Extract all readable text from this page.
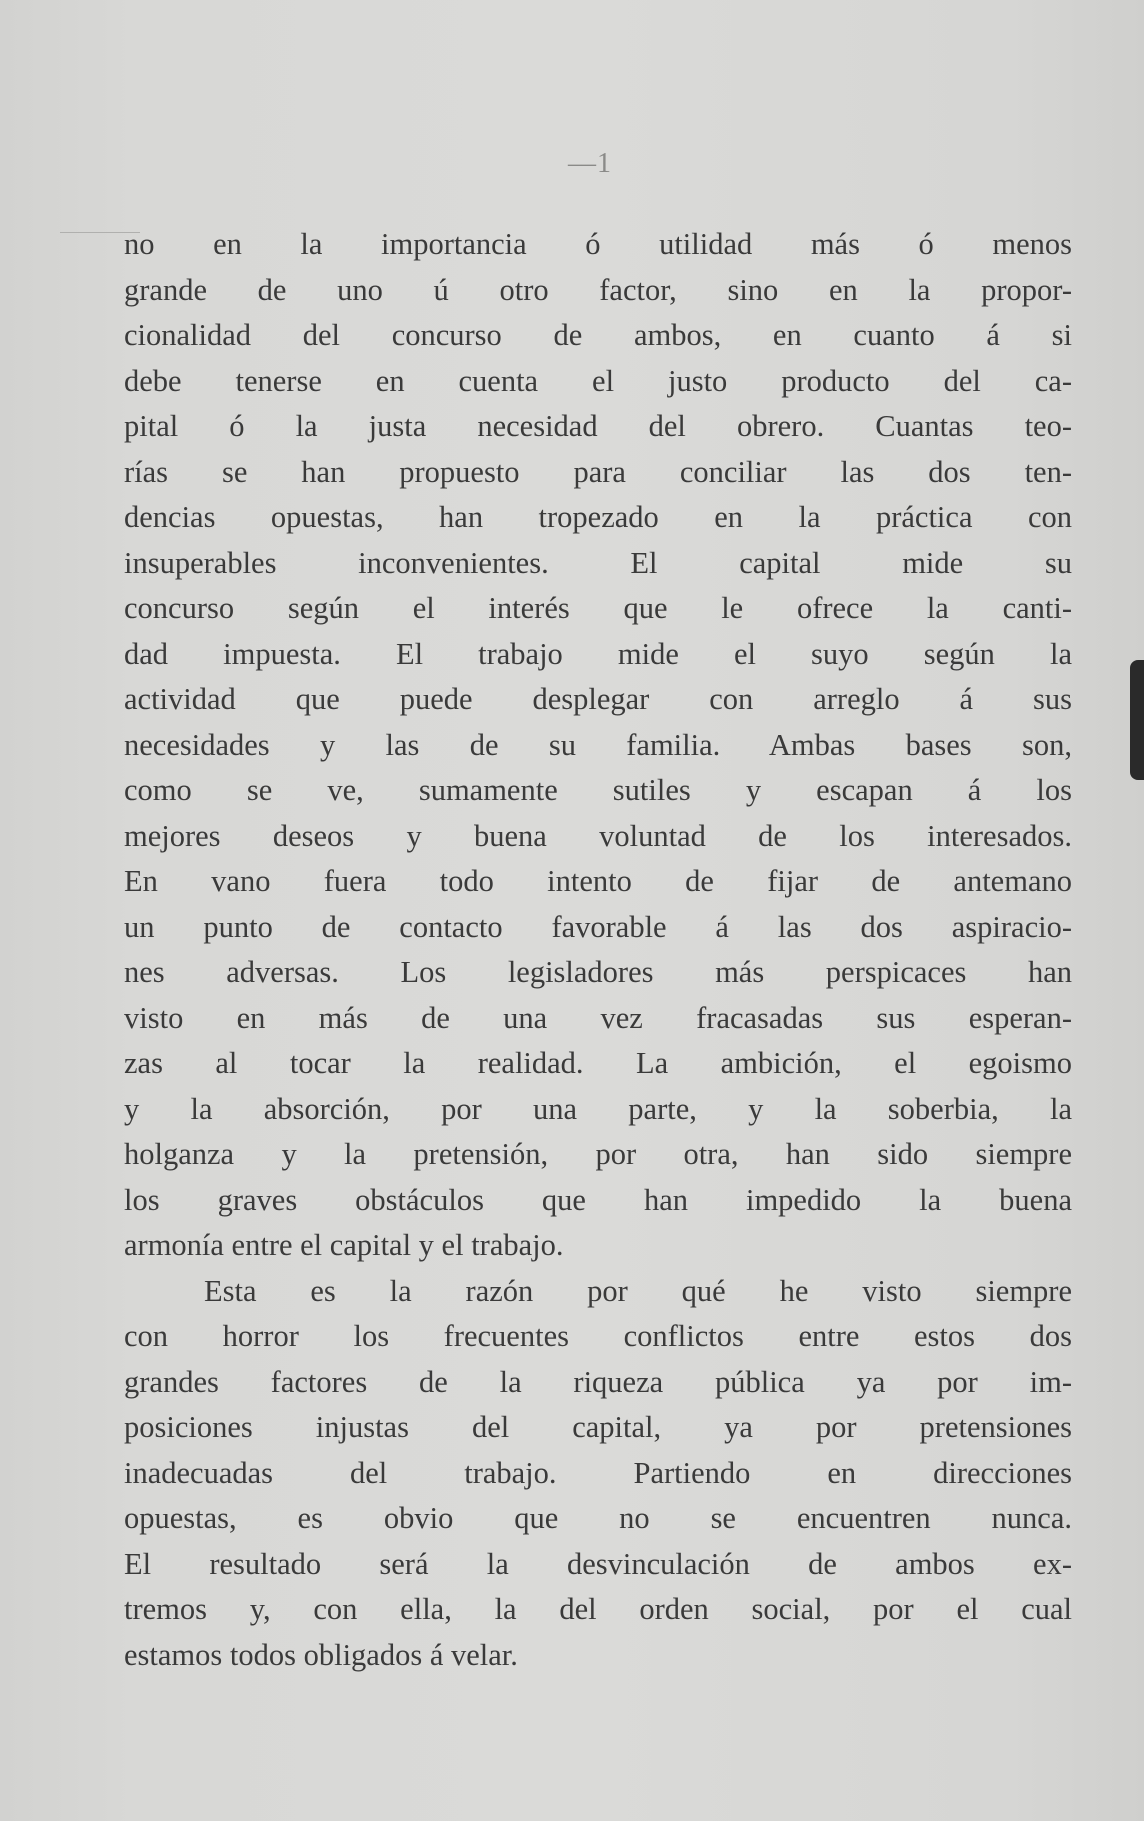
—1
no en la importancia ó utilidad más ó menos
grande de uno ú otro factor, sino en la propor-
cionalidad del concurso de ambos, en cuanto á si
debe tenerse en cuenta el justo producto del ca-
pital ó la justa necesidad del obrero. Cuantas teo-
rías se han propuesto para conciliar las dos ten-
dencias opuestas, han tropezado en la práctica con
insuperables inconvenientes. El capital mide su
concurso según el interés que le ofrece la canti-
dad impuesta. El trabajo mide el suyo según la
actividad que puede desplegar con arreglo á sus
necesidades y las de su familia. Ambas bases son,
como se ve, sumamente sutiles y escapan á los
mejores deseos y buena voluntad de los interesados.
En vano fuera todo intento de fijar de antemano
un punto de contacto favorable á las dos aspiracio-
nes adversas. Los legisladores más perspicaces han
visto en más de una vez fracasadas sus esperan-
zas al tocar la realidad. La ambición, el egoismo
y la absorción, por una parte, y la soberbia, la
holganza y la pretensión, por otra, han sido siempre
los graves obstáculos que han impedido la buena
armonía entre el capital y el trabajo.
Esta es la razón por qué he visto siempre
con horror los frecuentes conflictos entre estos dos
grandes factores de la riqueza pública ya por im-
posiciones injustas del capital, ya por pretensiones
inadecuadas del trabajo. Partiendo en direcciones
opuestas, es obvio que no se encuentren nunca.
El resultado será la desvinculación de ambos ex-
tremos y, con ella, la del orden social, por el cual
estamos todos obligados á velar.
